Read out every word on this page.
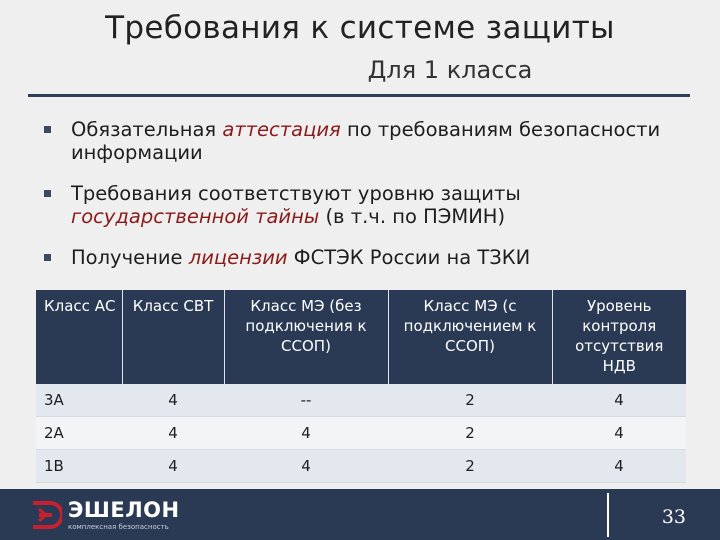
Требования к системе защиты
Для 1 класса
Обязательная аттестация по требованиям безопасности информации
Требования соответствуют уровню защиты государственной тайны (в т.ч. по ПЭМИН)
Получение лицензии ФСТЭК России на ТЗКИ
Класс АС	Класс СВТ	Класс МЭ (без подключения к ССОП)	Класс МЭ (с подключением к ССОП)	Уровень контроля отсутствия НДВ
3А	4	--	2	4
2А	4	4	2	4
1В	4	4	2	4
ЭШЕЛОН
комплексная безопасность	33
